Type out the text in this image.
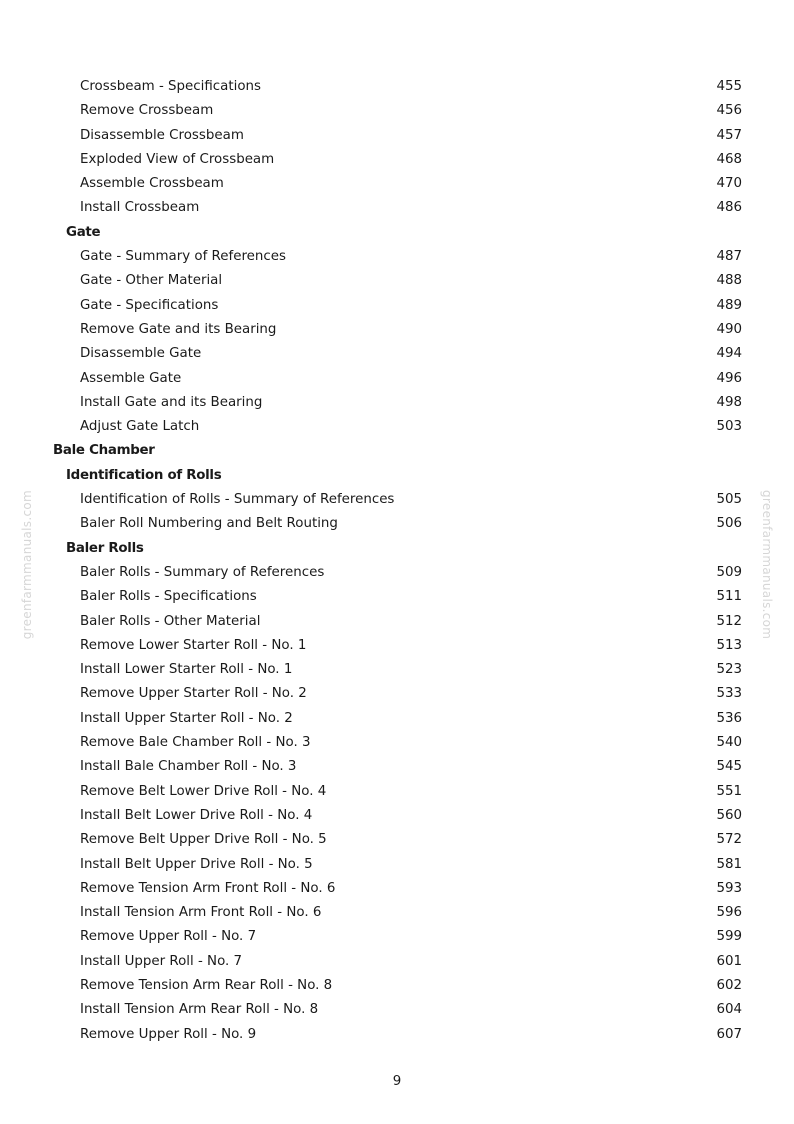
greenfarmmanuals.com	greenfarmmanuals.com
Crossbeam - Specifications	455
Remove Crossbeam	456
Disassemble Crossbeam	457
Exploded View of Crossbeam	468
Assemble Crossbeam	470
Install Crossbeam	486
Gate
Gate - Summary of References	487
Gate - Other Material	488
Gate - Specifications	489
Remove Gate and its Bearing	490
Disassemble Gate	494
Assemble Gate	496
Install Gate and its Bearing	498
Adjust Gate Latch	503
Bale Chamber
Identification of Rolls
Identification of Rolls - Summary of References	505
Baler Roll Numbering and Belt Routing	506
Baler Rolls
Baler Rolls - Summary of References	509
Baler Rolls - Specifications	511
Baler Rolls - Other Material	512
Remove Lower Starter Roll - No. 1	513
Install Lower Starter Roll - No. 1	523
Remove Upper Starter Roll - No. 2	533
Install Upper Starter Roll - No. 2	536
Remove Bale Chamber Roll - No. 3	540
Install Bale Chamber Roll - No. 3	545
Remove Belt Lower Drive Roll - No. 4	551
Install Belt Lower Drive Roll - No. 4	560
Remove Belt Upper Drive Roll - No. 5	572
Install Belt Upper Drive Roll - No. 5	581
Remove Tension Arm Front Roll - No. 6	593
Install Tension Arm Front Roll - No. 6	596
Remove Upper Roll - No. 7	599
Install Upper Roll - No. 7	601
Remove Tension Arm Rear Roll - No. 8	602
Install Tension Arm Rear Roll - No. 8	604
Remove Upper Roll - No. 9	607
9
